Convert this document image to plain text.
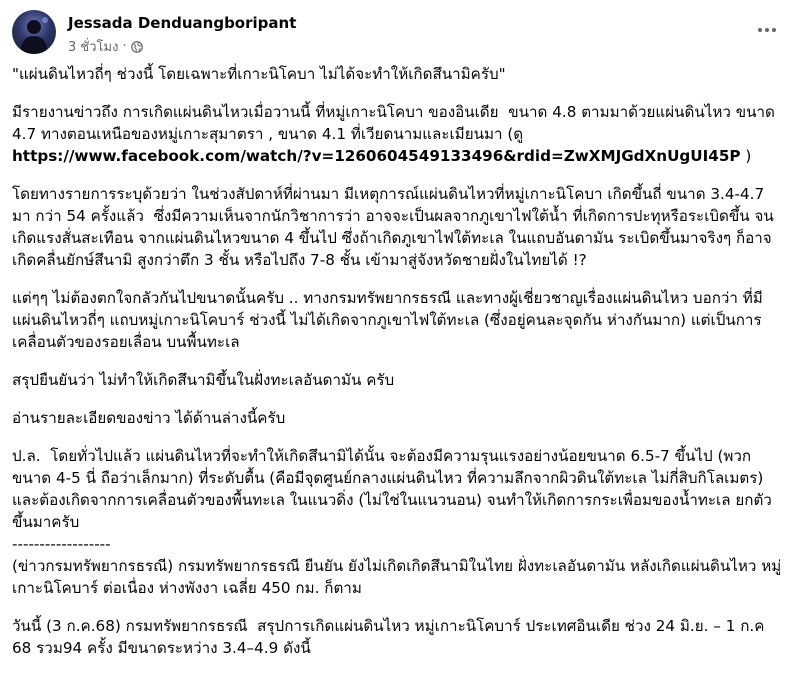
Jessada Denduangboripant
3 ชั่วโมง ·

"แผ่นดินไหวถี่ๆ ช่วงนี้ โดยเฉพาะที่เกาะนิโคบา ไม่ได้จะทำให้เกิดสึนามิครับ"

มีรายงานข่าวถึง การเกิดแผ่นดินไหวเมื่อวานนี้ ที่หมู่เกาะนิโคบา ของอินเดีย  ขนาด 4.8 ตามมาด้วยแผ่นดินไหว ขนาด 4.7 ทางตอนเหนือของหมู่เกาะสุมาตรา , ขนาด 4.1 ที่เวียดนามและเมียนมา (ดู https://www.facebook.com/watch/?v=1260604549133496&rdid=ZwXMJGdXnUgUI45P )

โดยทางรายการระบุด้วยว่า ในช่วงสัปดาห์ที่ผ่านมา มีเหตุการณ์แผ่นดินไหวที่หมู่เกาะนิโคบา เกิดขึ้นถี่ ขนาด 3.4-4.7 มา กว่า 54 ครั้งแล้ว  ซึ่งมีความเห็นจากนักวิชาการว่า อาจจะเป็นผลจากภูเขาไฟใต้น้ำ ที่เกิดการปะทุหรือระเบิดขึ้น จนเกิดแรงสั่นสะเทือน จากแผ่นดินไหวขนาด 4 ขึ้นไป ซึ่งถ้าเกิดภูเขาไฟใต้ทะเล ในแถบอันดามัน ระเบิดขึ้นมาจริงๆ ก็อาจเกิดคลื่นยักษ์สึนามิ สูงกว่าตึก 3 ชั้น หรือไปถึง 7-8 ชั้น เข้ามาสู่จังหวัดชายฝั่งในไทยได้ !?

แต่ๆๆ ไม่ต้องตกใจกลัวกันไปขนาดนั้นครับ .. ทางกรมทรัพยากรธรณี และทางผู้เชี่ยวชาญเรื่องแผ่นดินไหว บอกว่า ที่มีแผ่นดินไหวถี่ๆ แถบหมู่เกาะนิโคบาร์ ช่วงนี้ ไม่ได้เกิดจากภูเขาไฟใต้ทะเล (ซึ่งอยู่คนละจุดกัน ห่างกันมาก) แต่เป็นการเคลื่อนตัวของรอยเลื่อน บนพื้นทะเล

สรุปยืนยันว่า ไม่ทำให้เกิดสึนามิขึ้นในฝั่งทะเลอันดามัน ครับ

อ่านรายละเอียดของข่าว ได้ด้านล่างนี้ครับ

ป.ล.  โดยทั่วไปแล้ว แผ่นดินไหวที่จะทำให้เกิดสึนามิได้นั้น จะต้องมีความรุนแรงอย่างน้อยขนาด 6.5-7 ขึ้นไป (พวกขนาด 4-5 นี่ ถือว่าเล็กมาก) ที่ระดับตื้น (คือมีจุดศูนย์กลางแผ่นดินไหว ที่ความลึกจากผิวดินใต้ทะเล ไม่กี่สิบกิโลเมตร) และต้องเกิดจากการเคลื่อนตัวของพื้นทะเล ในแนวดิ่ง (ไม่ใช่ในแนวนอน) จนทำให้เกิดการกระเพื่อมของน้ำทะเล ยกตัวขึ้นมาครับ

------------------

(ข่าวกรมทรัพยากรธรณี) กรมทรัพยากรธรณี ยืนยัน ยังไม่เกิดเกิดสึนามิในไทย ฝั่งทะเลอันดามัน หลังเกิดแผ่นดินไหว หมู่เกาะนิโคบาร์ ต่อเนื่อง ห่างพังงา เฉลี่ย 450 กม. ก็ตาม

วันนี้ (3 ก.ค.68) กรมทรัพยากรธรณี  สรุปการเกิดแผ่นดินไหว หมู่เกาะนิโคบาร์ ประเทศอินเดีย ช่วง 24 มิ.ย. – 1 ก.ค 68 รวม94 ครั้ง มีขนาดระหว่าง 3.4–4.9 ดังนี้
